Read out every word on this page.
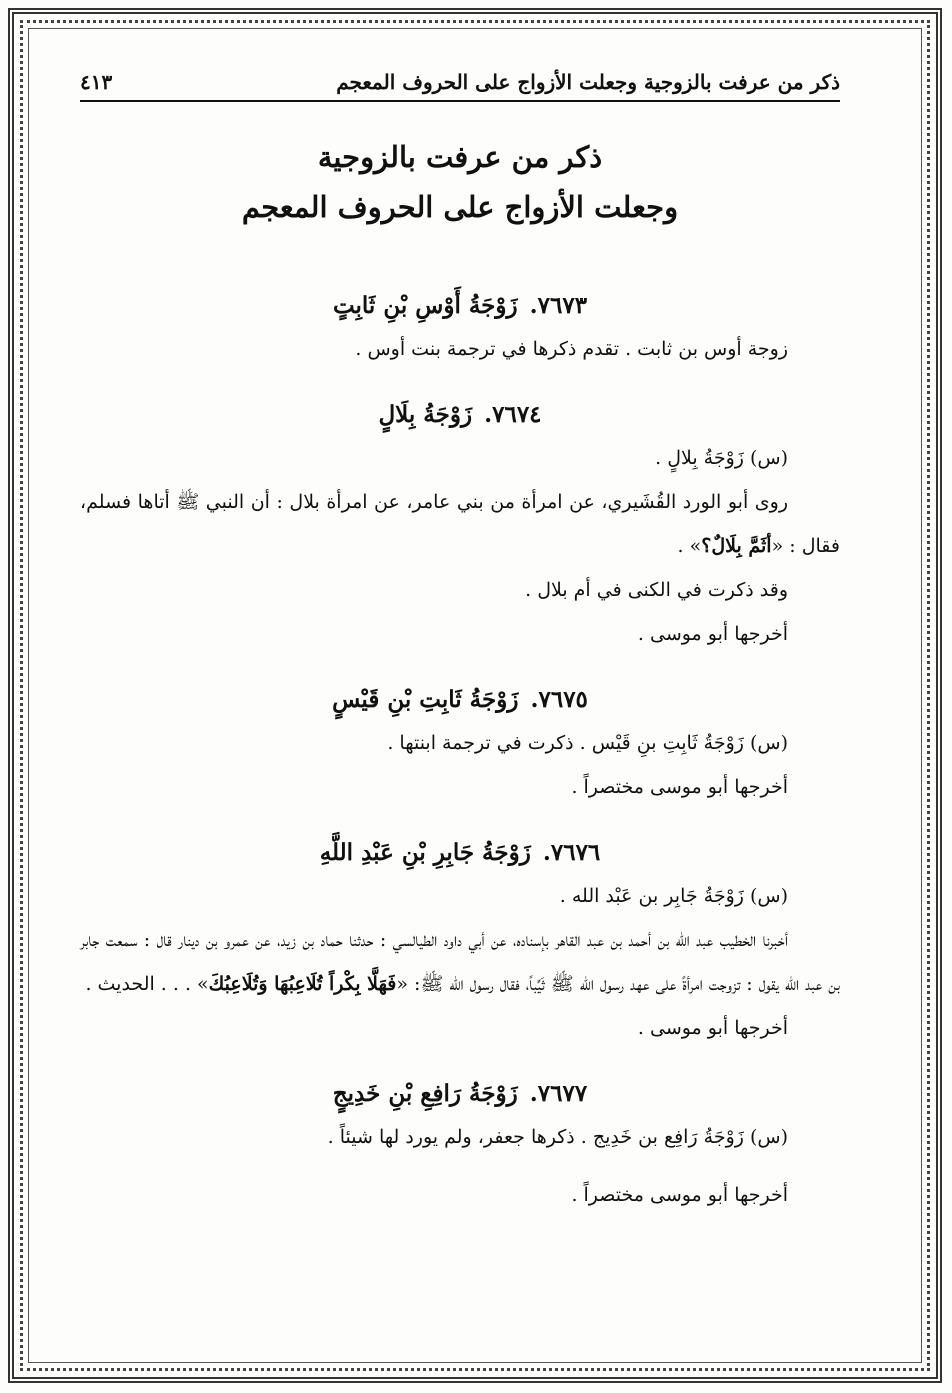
ذكر من عرفت بالزوجية وجعلت الأزواج على الحروف المعجم
٤١٣
ذكر من عرفت بالزوجية
وجعلت الأزواج على الحروف المعجم
٧٦٧٣. زَوْجَةُ أَوْسِ بْنِ ثَابِتٍ

زوجة أوس بن ثابت . تقدم ذكرها في ترجمة بنت أوس .

٧٦٧٤. زَوْجَةُ بِلَالٍ

(س) زَوْجَةُ بِلالٍ .

روى أبو الورد القُشَيري، عن امرأة من بني عامر، عن امرأة بلال : أن النبي ﷺ أتاها فسلم، فقال : «أثَمَّ بِلَالٌ؟» .

وقد ذكرت في الكنى في أم بلال .

أخرجها أبو موسى .

٧٦٧٥. زَوْجَةُ ثَابِتِ بْنِ قَيْسٍ

(س) زَوْجَةُ ثَابِتِ بنِ قَيْس . ذكرت في ترجمة ابنتها .

أخرجها أبو موسى مختصراً .

٧٦٧٦. زَوْجَةُ جَابِرِ بْنِ عَبْدِ اللَّهِ

(س) زَوْجَةُ جَابِر بن عَبْد الله .

أخبرنا الخطيب عبد الله بن أحمد بن عبد القاهر بإسناده، عن أبي داود الطيالسي : حدثنا حماد بن زيد، عن عمرو بن دينار قال : سمعت جابر بن عبد الله يقول : تزوجت امرأةً على عهد رسول الله ﷺ ثَيِّباً، فقال رسول الله ﷺ: «فَهَلَّا بِكْراً تُلَاعِبُهَا وَتُلَاعِبُكَ» . . . الحديث .

أخرجها أبو موسى .

٧٦٧٧. زَوْجَةُ رَافِعِ بْنِ خَدِيجٍ

(س) زَوْجَةُ رَافِع بن خَدِيج . ذكرها جعفر، ولم يورد لها شيئاً .

أخرجها أبو موسى مختصراً .
